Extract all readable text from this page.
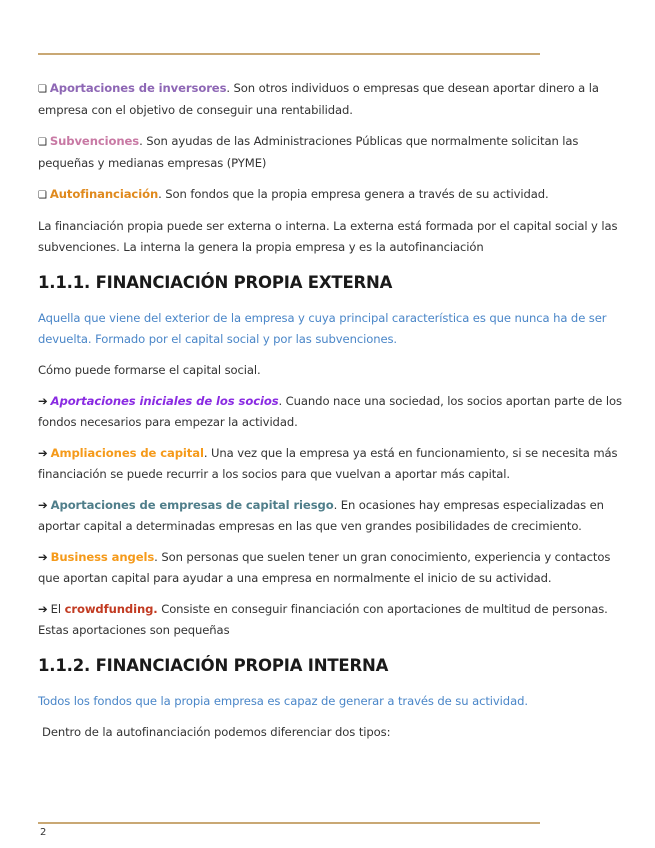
❏ Aportaciones de inversores. Son otros individuos o empresas que desean aportar dinero a la empresa con el objetivo de conseguir una rentabilidad.

❏ Subvenciones. Son ayudas de las Administraciones Públicas que normalmente solicitan las pequeñas y medianas empresas (PYME)

❏ Autofinanciación. Son fondos que la propia empresa genera a través de su actividad.

La financiación propia puede ser externa o interna. La externa está formada por el capital social y las subvenciones. La interna la genera la propia empresa y es la autofinanciación

1.1.1. FINANCIACIÓN PROPIA EXTERNA

Aquella que viene del exterior de la empresa y cuya principal característica es que nunca ha de ser devuelta. Formado por el capital social y por las subvenciones.

Cómo puede formarse el capital social.

➔ Aportaciones iniciales de los socios. Cuando nace una sociedad, los socios aportan parte de los fondos necesarios para empezar la actividad.

➔ Ampliaciones de capital. Una vez que la empresa ya está en funcionamiento, si se necesita más financiación se puede recurrir a los socios para que vuelvan a aportar más capital.

➔ Aportaciones de empresas de capital riesgo. En ocasiones hay empresas especializadas en aportar capital a determinadas empresas en las que ven grandes posibilidades de crecimiento.

➔ Business angels. Son personas que suelen tener un gran conocimiento, experiencia y contactos que aportan capital para ayudar a una empresa en normalmente el inicio de su actividad.

➔ El crowdfunding. Consiste en conseguir financiación con aportaciones de multitud de personas. Estas aportaciones son pequeñas

1.1.2. FINANCIACIÓN PROPIA INTERNA

Todos los fondos que la propia empresa es capaz de generar a través de su actividad.

Dentro de la autofinanciación podemos diferenciar dos tipos:

2
